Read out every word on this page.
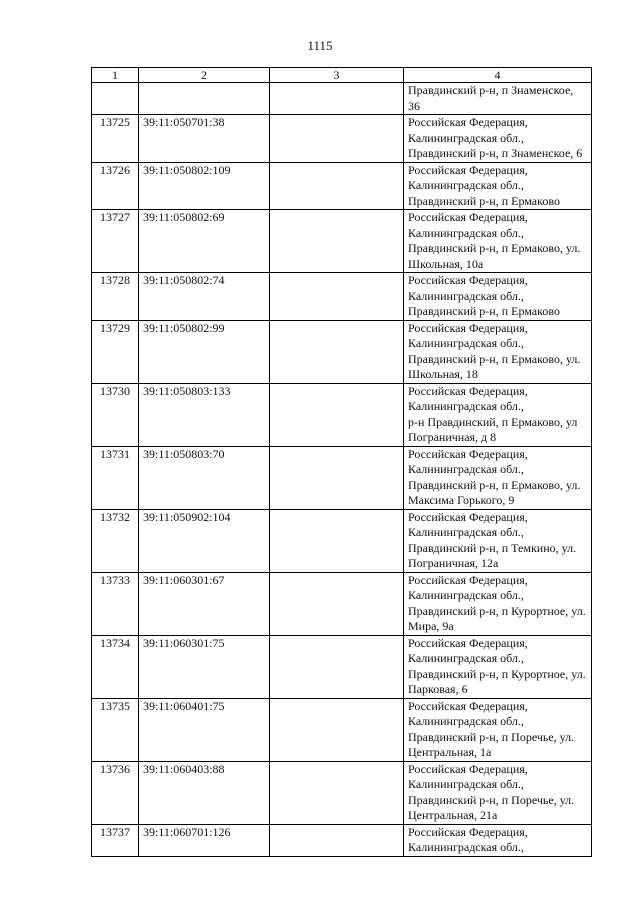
1115
1	2	3	4

			Правдинский р-н, п Знаменское,
36

13725	39:11:050701:38		Российская Федерация,
Калининградская обл.,
Правдинский р-н, п Знаменское, 6

13726	39:11:050802:109		Российская Федерация,
Калининградская обл.,
Правдинский р-н, п Ермаково

13727	39:11:050802:69		Российская Федерация,
Калининградская обл.,
Правдинский р-н, п Ермаково, ул.
Школьная, 10а

13728	39:11:050802:74		Российская Федерация,
Калининградская обл.,
Правдинский р-н, п Ермаково

13729	39:11:050802:99		Российская Федерация,
Калининградская обл.,
Правдинский р-н, п Ермаково, ул.
Школьная, 18

13730	39:11:050803:133		Российская Федерация,
Калининградская обл.,
р-н Правдинский, п Ермаково, ул
Пограничная, д 8

13731	39:11:050803:70		Российская Федерация,
Калининградская обл.,
Правдинский р-н, п Ермаково, ул.
Максима Горького, 9

13732	39:11:050902:104		Российская Федерация,
Калининградская обл.,
Правдинский р-н, п Темкино, ул.
Пограничная, 12а

13733	39:11:060301:67		Российская Федерация,
Калининградская обл.,
Правдинский р-н, п Курортное, ул.
Мира, 9а

13734	39:11:060301:75		Российская Федерация,
Калининградская обл.,
Правдинский р-н, п Курортное, ул.
Парковая, 6

13735	39:11:060401:75		Российская Федерация,
Калининградская обл.,
Правдинский р-н, п Поречье, ул.
Центральная, 1а

13736	39:11:060403:88		Российская Федерация,
Калининградская обл.,
Правдинский р-н, п Поречье, ул.
Центральная, 21а

13737	39:11:060701:126		Российская Федерация,
Калининградская обл.,
